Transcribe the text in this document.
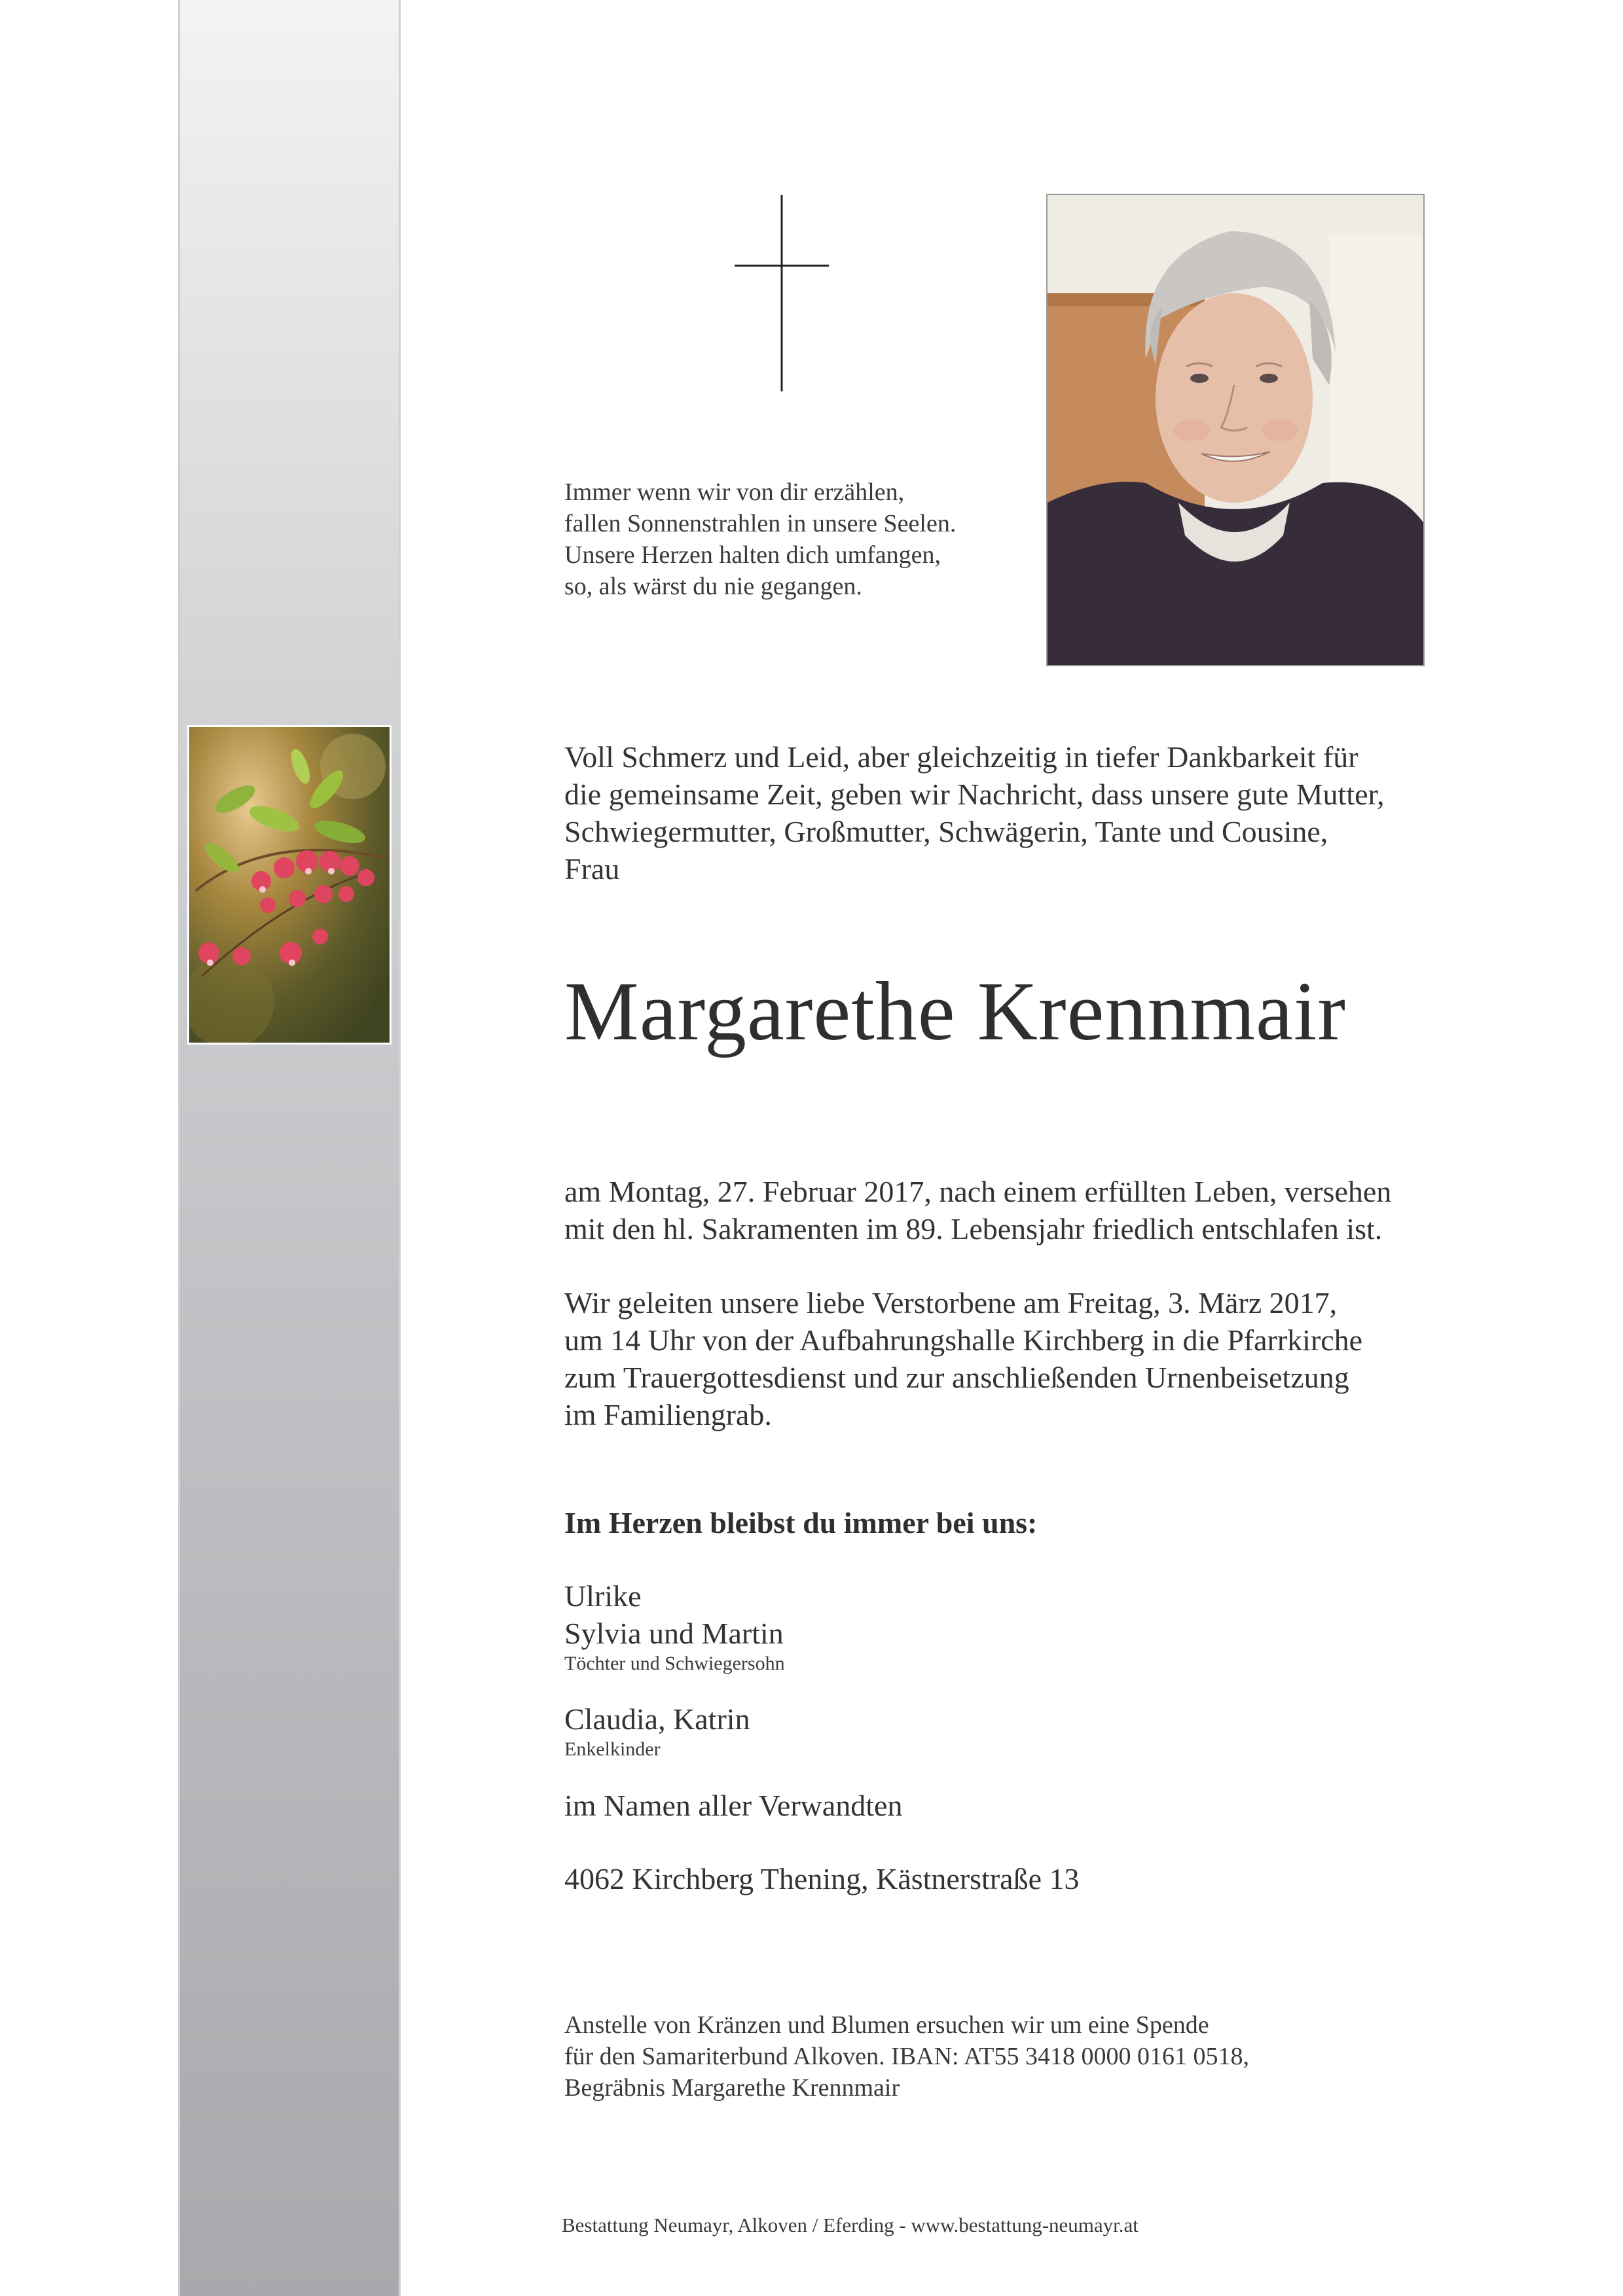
Immer wenn wir von dir erzählen,
fallen Sonnenstrahlen in unsere Seelen.
Unsere Herzen halten dich umfangen,
so, als wärst du nie gegangen.
Voll Schmerz und Leid, aber gleichzeitig in tiefer Dankbarkeit für
die gemeinsame Zeit, geben wir Nachricht, dass unsere gute Mutter,
Schwiegermutter, Großmutter, Schwägerin, Tante und Cousine,
Frau
Margarethe Krennmair
am Montag, 27. Februar 2017, nach einem erfüllten Leben, versehen
mit den hl. Sakramenten im 89. Lebensjahr friedlich entschlafen ist.
Wir geleiten unsere liebe Verstorbene am Freitag, 3. März 2017,
um 14 Uhr von der Aufbahrungshalle Kirchberg in die Pfarrkirche
zum Trauergottesdienst und zur anschließenden Urnenbeisetzung
im Familiengrab.
Im Herzen bleibst du immer bei uns:
Ulrike
Sylvia und Martin
Töchter und Schwiegersohn
Claudia, Katrin
Enkelkinder
im Namen aller Verwandten
4062 Kirchberg Thening, Kästnerstraße 13
Anstelle von Kränzen und Blumen ersuchen wir um eine Spende
für den Samariterbund Alkoven. IBAN: AT55 3418 0000 0161 0518,
Begräbnis Margarethe Krennmair
Bestattung Neumayr, Alkoven / Eferding - www.bestattung-neumayr.at
